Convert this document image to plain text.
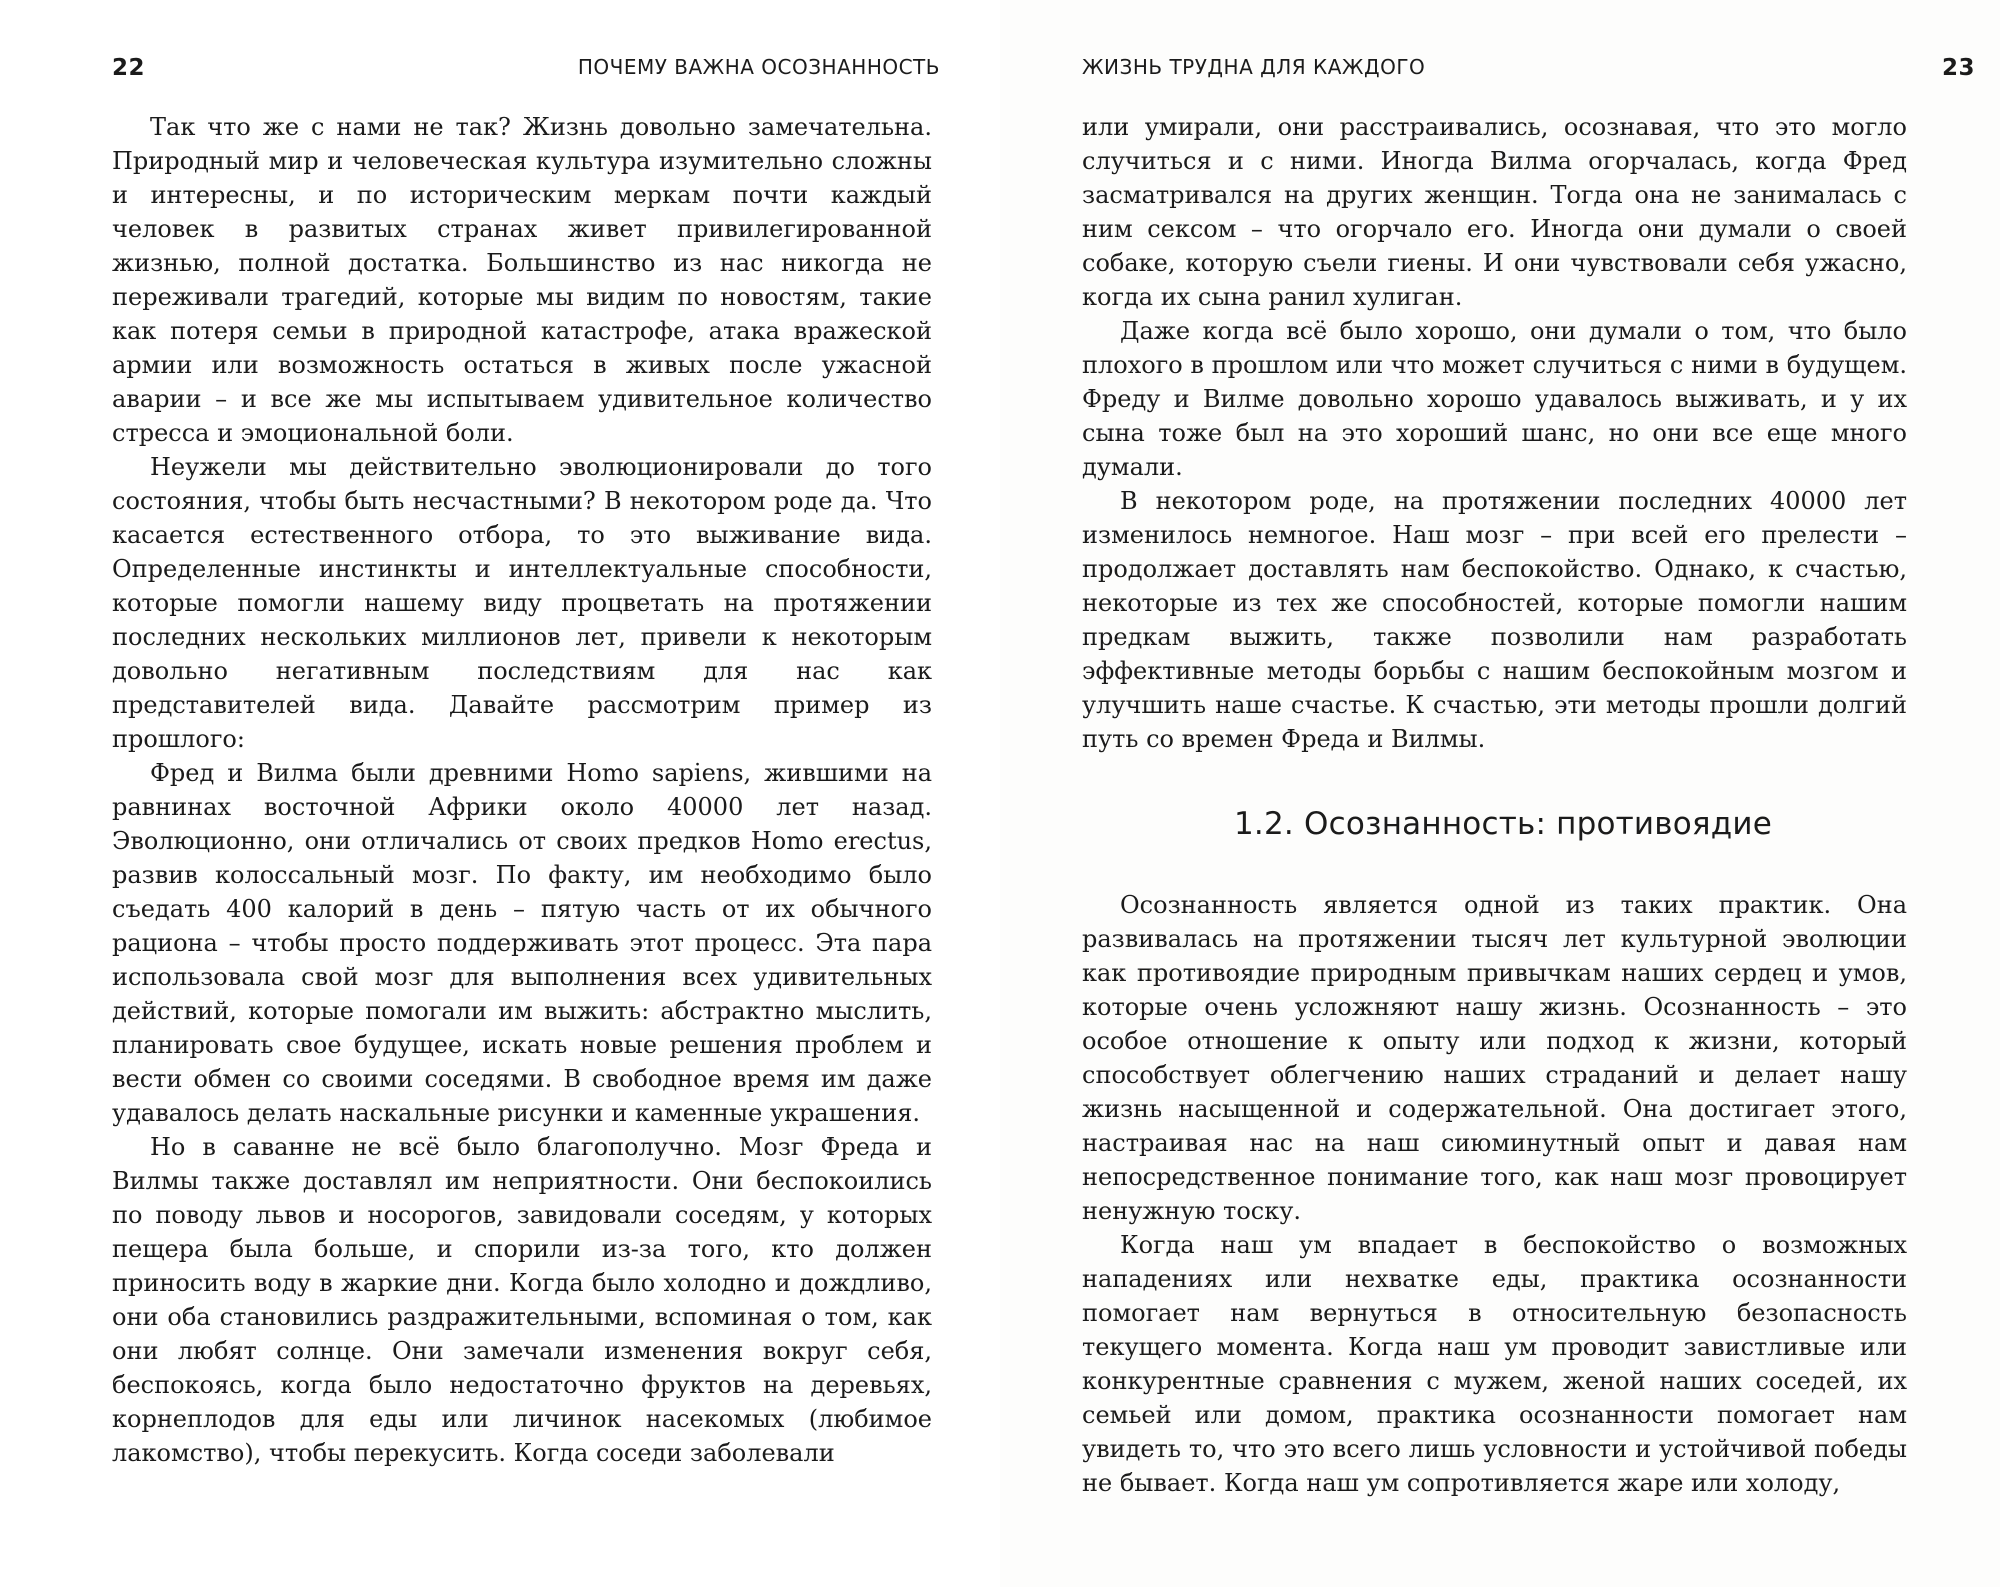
22	ПОЧЕМУ ВАЖНА ОСОЗНАННОСТЬ

Так что же с нами не так? Жизнь довольно замечательна. Природный мир и человеческая культура изумительно сложны и интересны, и по историческим меркам почти каждый человек в развитых странах живет привилегированной жизнью, полной достатка. Большинство из нас никогда не переживали трагедий, которые мы видим по новостям, такие как потеря семьи в природной катастрофе, атака вражеской армии или возможность остаться в живых после ужасной аварии – и все же мы испытываем удивительное количество стресса и эмоциональной боли.

Неужели мы действительно эволюционировали до того состояния, чтобы быть несчастными? В некотором роде да. Что касается естественного отбора, то это выживание вида. Определенные инстинкты и интеллектуальные способности, которые помогли нашему виду процветать на протяжении последних нескольких миллионов лет, привели к некоторым довольно негативным последствиям для нас как представителей вида. Давайте рассмотрим пример из прошлого:

Фред и Вилма были древними Homo sapiens, жившими на равнинах восточной Африки около 40000 лет назад. Эволюционно, они отличались от своих предков Homo erectus, развив колоссальный мозг. По факту, им необходимо было съедать 400 калорий в день – пятую часть от их обычного рациона – чтобы просто поддерживать этот процесс. Эта пара использовала свой мозг для выполнения всех удивительных действий, которые помогали им выжить: абстрактно мыслить, планировать свое будущее, искать новые решения проблем и вести обмен со своими соседями. В свободное время им даже удавалось делать наскальные рисунки и каменные украшения.

Но в саванне не всё было благополучно. Мозг Фреда и Вилмы также доставлял им неприятности. Они беспокоились по поводу львов и носорогов, завидовали соседям, у которых пещера была больше, и спорили из-за того, кто должен приносить воду в жаркие дни. Когда было холодно и дождливо, они оба становились раздражительными, вспоминая о том, как они любят солнце. Они замечали изменения вокруг себя, беспокоясь, когда было недостаточно фруктов на деревьях, корнеплодов для еды или личинок насекомых (любимое лакомство), чтобы перекусить. Когда соседи заболевали

ЖИЗНЬ ТРУДНА ДЛЯ КАЖДОГО	23

или умирали, они расстраивались, осознавая, что это могло случиться и с ними. Иногда Вилма огорчалась, когда Фред засматривался на других женщин. Тогда она не занималась с ним сексом – что огорчало его. Иногда они думали о своей собаке, которую съели гиены. И они чувствовали себя ужасно, когда их сына ранил хулиган.

Даже когда всё было хорошо, они думали о том, что было плохого в прошлом или что может случиться с ними в будущем. Фреду и Вилме довольно хорошо удавалось выживать, и у их сына тоже был на это хороший шанс, но они все еще много думали.

В некотором роде, на протяжении последних 40000 лет изменилось немногое. Наш мозг – при всей его прелести – продолжает доставлять нам беспокойство. Однако, к счастью, некоторые из тех же способностей, которые помогли нашим предкам выжить, также позволили нам разработать эффективные методы борьбы с нашим беспокойным мозгом и улучшить наше счастье. К счастью, эти методы прошли долгий путь со времен Фреда и Вилмы.

1.2. Осознанность: противоядие

Осознанность является одной из таких практик. Она развивалась на протяжении тысяч лет культурной эволюции как противоядие природным привычкам наших сердец и умов, которые очень усложняют нашу жизнь. Осознанность – это особое отношение к опыту или подход к жизни, который способствует облегчению наших страданий и делает нашу жизнь насыщенной и содержательной. Она достигает этого, настраивая нас на наш сиюминутный опыт и давая нам непосредственное понимание того, как наш мозг провоцирует ненужную тоску.

Когда наш ум впадает в беспокойство о возможных нападениях или нехватке еды, практика осознанности помогает нам вернуться в относительную безопасность текущего момента. Когда наш ум проводит завистливые или конкурентные сравнения с мужем, женой наших соседей, их семьей или домом, практика осознанности помогает нам увидеть то, что это всего лишь условности и устойчивой победы не бывает. Когда наш ум сопротивляется жаре или холоду,
